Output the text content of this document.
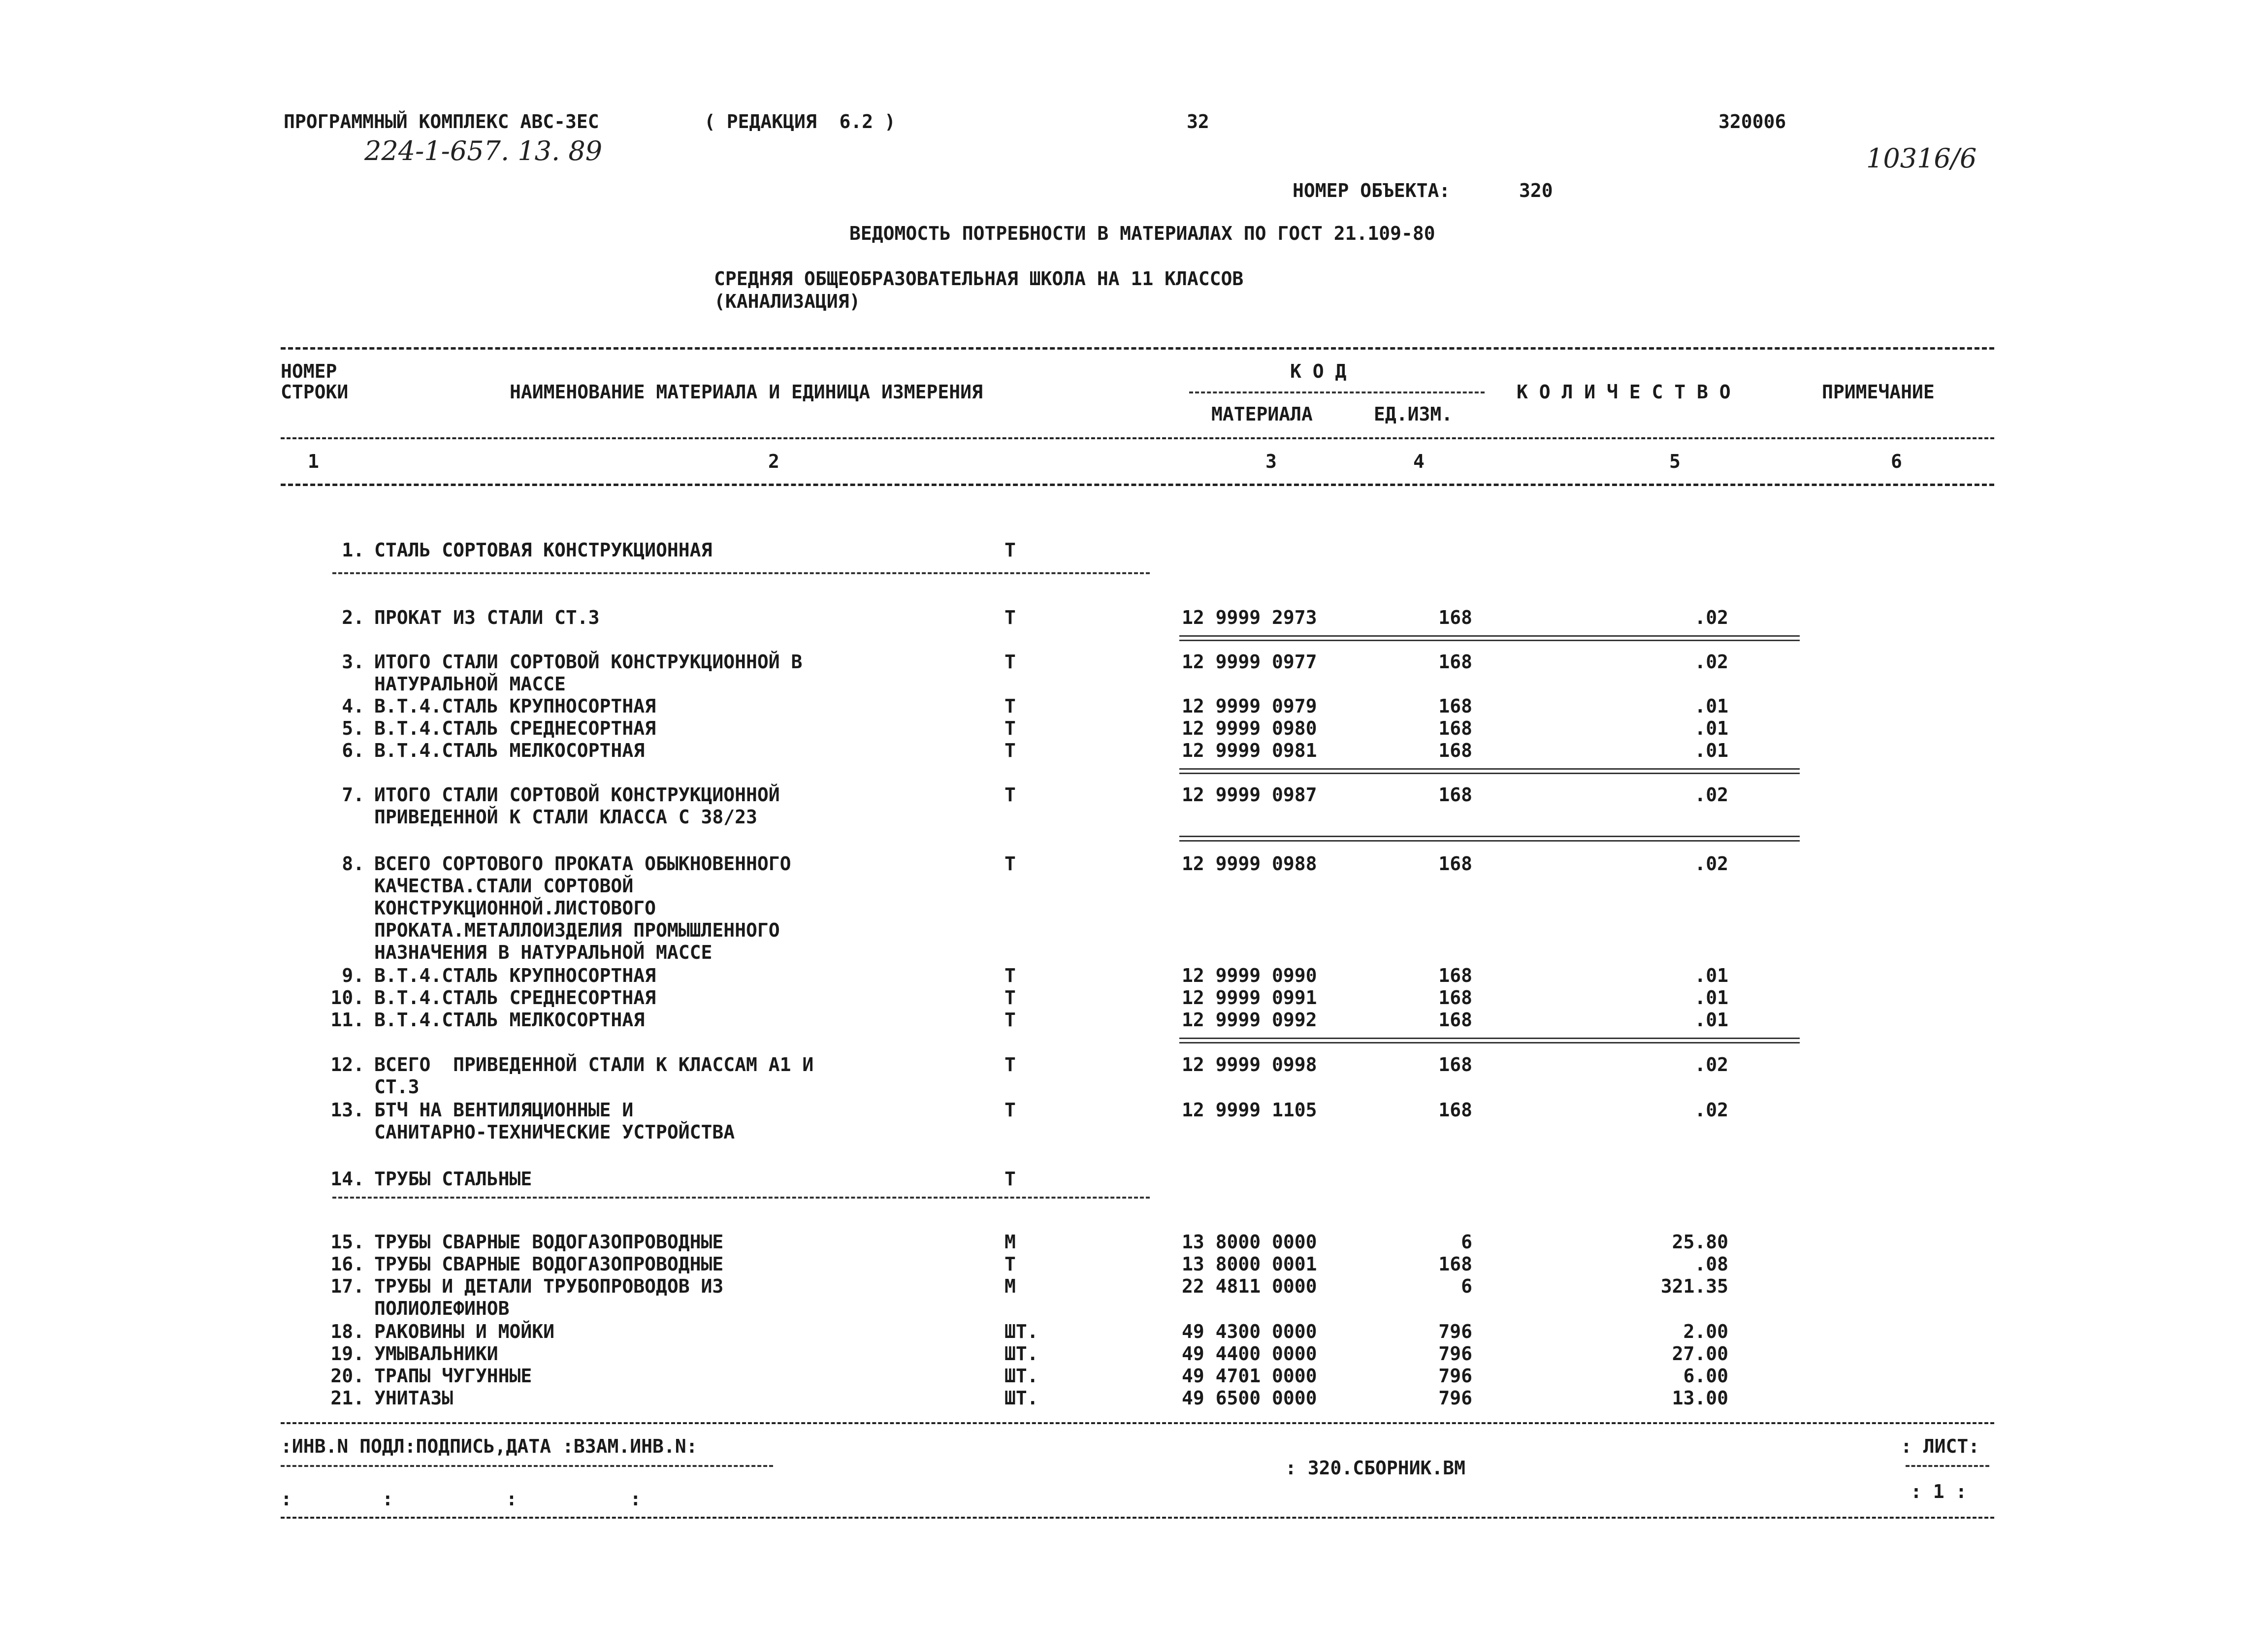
ПРОГРАММНЫЙ КОМПЛЕКС АВС-ЗЕС	( РЕДАКЦИЯ  6.2 )	32	320006
224-1-657. 13. 89	10316/6
НОМЕР ОБЪЕКТА:	320
ВЕДОМОСТЬ ПОТРЕБНОСТИ В МАТЕРИАЛАХ ПО ГОСТ 21.109-80
СРЕДНЯЯ ОБЩЕОБРАЗОВАТЕЛЬНАЯ ШКОЛА НА 11 КЛАССОВ
(КАНАЛИЗАЦИЯ)
НОМЕР
СТРОКИ	НАИМЕНОВАНИЕ МАТЕРИАЛА И ЕДИНИЦА ИЗМЕРЕНИЯ
К О Д
МАТЕРИАЛА	ЕД.ИЗМ.
К О Л И Ч Е С Т В О	ПРИМЕЧАНИЕ
1	2	3	4	5	6
1. СТАЛЬ СОРТОВАЯ КОНСТРУКЦИОННАЯ	Т
2. ПРОКАТ ИЗ СТАЛИ СТ.3	Т	12 9999 2973	168	.02
3. ИТОГО СТАЛИ СОРТОВОЙ КОНСТРУКЦИОННОЙ В
НАТУРАЛЬНОЙ МАССЕ
Т	12 9999 0977	168	.02
4. В.Т.4.СТАЛЬ КРУПНОСОРТНАЯ	Т	12 9999 0979	168	.01
5. В.Т.4.СТАЛЬ СРЕДНЕСОРТНАЯ	Т	12 9999 0980	168	.01
6. В.Т.4.СТАЛЬ МЕЛКОСОРТНАЯ	Т	12 9999 0981	168	.01
7. ИТОГО СТАЛИ СОРТОВОЙ КОНСТРУКЦИОННОЙ
ПРИВЕДЕННОЙ К СТАЛИ КЛАССА С 38/23
Т	12 9999 0987	168	.02
8. ВСЕГО СОРТОВОГО ПРОКАТА ОБЫКНОВЕННОГО
КАЧЕСТВА.СТАЛИ СОРТОВОЙ
КОНСТРУКЦИОННОЙ.ЛИСТОВОГО
ПРОКАТА.МЕТАЛЛОИЗДЕЛИЯ ПРОМЫШЛЕННОГО
НАЗНАЧЕНИЯ В НАТУРАЛЬНОЙ МАССЕ
Т	12 9999 0988	168	.02
9. В.Т.4.СТАЛЬ КРУПНОСОРТНАЯ	Т	12 9999 0990	168	.01
10. В.Т.4.СТАЛЬ СРЕДНЕСОРТНАЯ	Т	12 9999 0991	168	.01
11. В.Т.4.СТАЛЬ МЕЛКОСОРТНАЯ	Т	12 9999 0992	168	.01
12. ВСЕГО  ПРИВЕДЕННОЙ СТАЛИ К КЛАССАМ А1 И
СТ.3
Т	12 9999 0998	168	.02
13. БТЧ НА ВЕНТИЛЯЦИОННЫЕ И
САНИТАРНО-ТЕХНИЧЕСКИЕ УСТРОЙСТВА
Т	12 9999 1105	168	.02
14. ТРУБЫ СТАЛЬНЫЕ	Т
15. ТРУБЫ СВАРНЫЕ ВОДОГАЗОПРОВОДНЫЕ	М	13 8000 0000	6	25.80
16. ТРУБЫ СВАРНЫЕ ВОДОГАЗОПРОВОДНЫЕ	Т	13 8000 0001	168	.08
17. ТРУБЫ И ДЕТАЛИ ТРУБОПРОВОДОВ ИЗ
ПОЛИОЛЕФИНОВ
М	22 4811 0000	6	321.35
18. РАКОВИНЫ И МОЙКИ	ШТ.	49 4300 0000	796	2.00
19. УМЫВАЛЬНИКИ	ШТ.	49 4400 0000	796	27.00
20. ТРАПЫ ЧУГУННЫЕ	ШТ.	49 4701 0000	796	6.00
21. УНИТАЗЫ	ШТ.	49 6500 0000	796	13.00
:ИНВ.N ПОДЛ:ПОДПИСЬ,ДАТА :ВЗАМ.ИНВ.N:
:        :          :          :
: 320.СБОРНИК.ВМ
: ЛИСТ:
: 1 :
